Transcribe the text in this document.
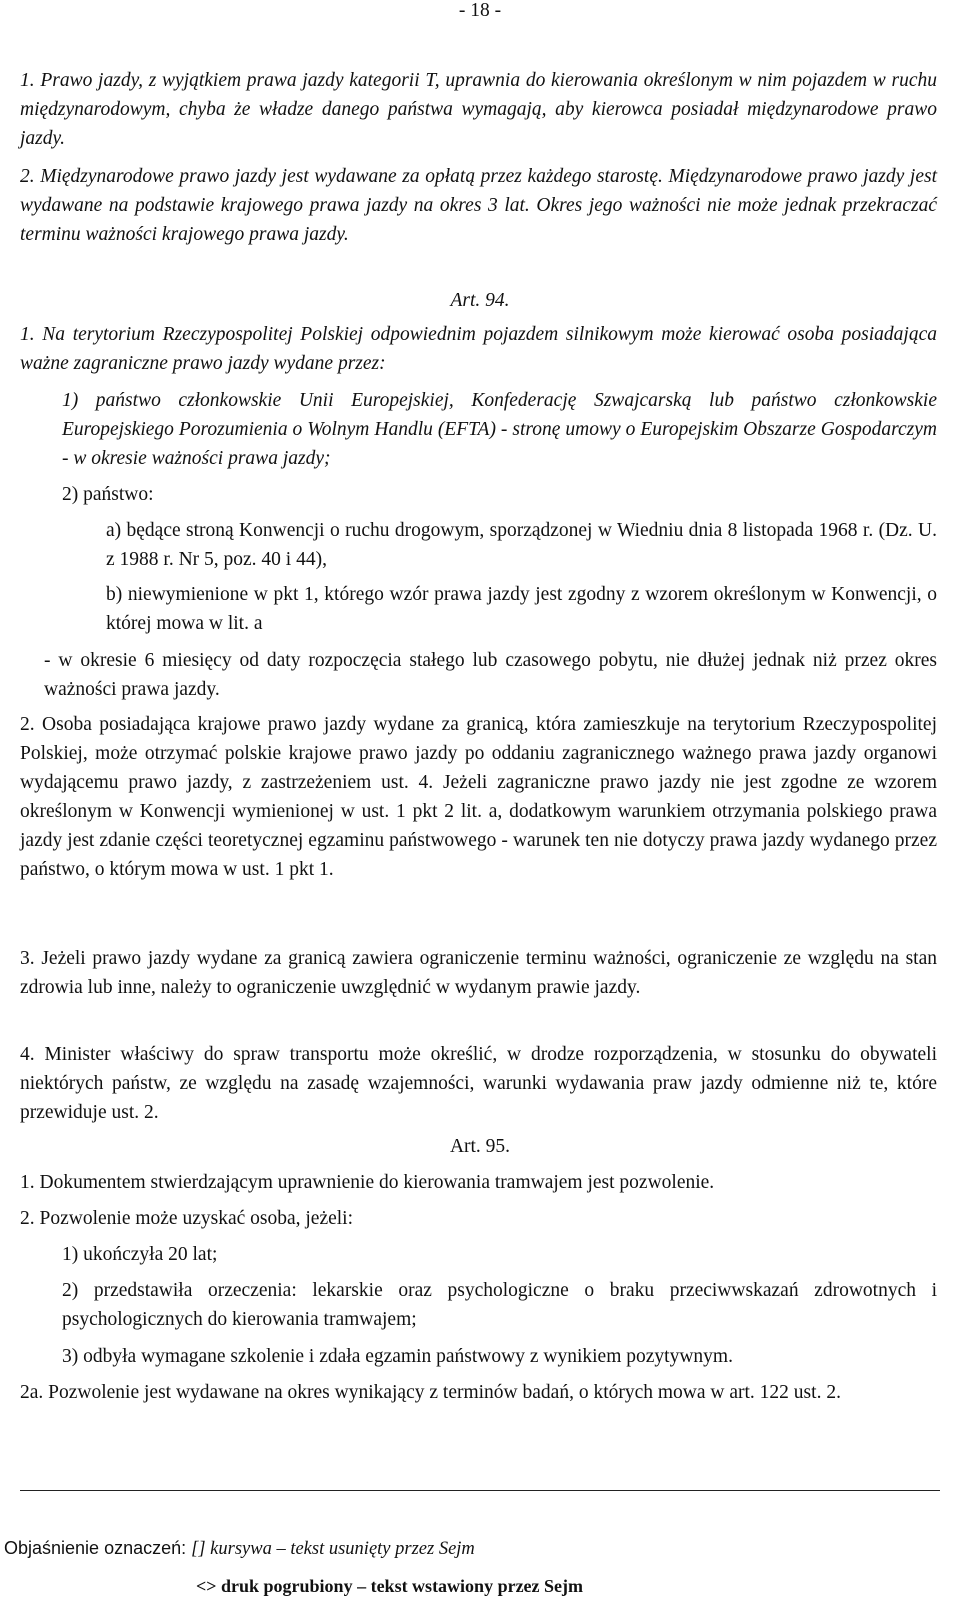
- 18 -

1. Prawo jazdy, z wyjątkiem prawa jazdy kategorii T, uprawnia do kierowania określonym w nim pojazdem w ruchu międzynarodowym, chyba że władze danego państwa wymagają, aby kierowca posiadał międzynarodowe prawo jazdy.

2. Międzynarodowe prawo jazdy jest wydawane za opłatą przez każdego starostę. Międzynarodowe prawo jazdy jest wydawane na podstawie krajowego prawa jazdy na okres 3 lat. Okres jego ważności nie może jednak przekraczać terminu ważności krajowego prawa jazdy.

Art. 94.

1. Na terytorium Rzeczypospolitej Polskiej odpowiednim pojazdem silnikowym może kierować osoba posiadająca ważne zagraniczne prawo jazdy wydane przez:

1) państwo członkowskie Unii Europejskiej, Konfederację Szwajcarską lub państwo członkowskie Europejskiego Porozumienia o Wolnym Handlu (EFTA) - stronę umowy o Europejskim Obszarze Gospodarczym - w okresie ważności prawa jazdy;

2) państwo:

a) będące stroną Konwencji o ruchu drogowym, sporządzonej w Wiedniu dnia 8 listopada 1968 r. (Dz. U. z 1988 r. Nr 5, poz. 40 i 44),

b) niewymienione w pkt 1, którego wzór prawa jazdy jest zgodny z wzorem określonym w Konwencji, o której mowa w lit. a

- w okresie 6 miesięcy od daty rozpoczęcia stałego lub czasowego pobytu, nie dłużej jednak niż przez okres ważności prawa jazdy.

2. Osoba posiadająca krajowe prawo jazdy wydane za granicą, która zamieszkuje na terytorium Rzeczypospolitej Polskiej, może otrzymać polskie krajowe prawo jazdy po oddaniu zagranicznego ważnego prawa jazdy organowi wydającemu prawo jazdy, z zastrzeżeniem ust. 4. Jeżeli zagraniczne prawo jazdy nie jest zgodne ze wzorem określonym w Konwencji wymienionej w ust. 1 pkt 2 lit. a, dodatkowym warunkiem otrzymania polskiego prawa jazdy jest zdanie części teoretycznej egzaminu państwowego - warunek ten nie dotyczy prawa jazdy wydanego przez państwo, o którym mowa w ust. 1 pkt 1.

3. Jeżeli prawo jazdy wydane za granicą zawiera ograniczenie terminu ważności, ograniczenie ze względu na stan zdrowia lub inne, należy to ograniczenie uwzględnić w wydanym prawie jazdy.

4. Minister właściwy do spraw transportu może określić, w drodze rozporządzenia, w stosunku do obywateli niektórych państw, ze względu na zasadę wzajemności, warunki wydawania praw jazdy odmienne niż te, które przewiduje ust. 2.

Art. 95.

1. Dokumentem stwierdzającym uprawnienie do kierowania tramwajem jest pozwolenie.

2. Pozwolenie może uzyskać osoba, jeżeli:

1) ukończyła 20 lat;

2) przedstawiła orzeczenia: lekarskie oraz psychologiczne o braku przeciwwskazań zdrowotnych i psychologicznych do kierowania tramwajem;

3) odbyła wymagane szkolenie i zdała egzamin państwowy z wynikiem pozytywnym.

2a. Pozwolenie jest wydawane na okres wynikający z terminów badań, o których mowa w art. 122 ust. 2.

Objaśnienie oznaczeń: [] kursywa – tekst usunięty przez Sejm
<> druk pogrubiony – tekst wstawiony przez Sejm
